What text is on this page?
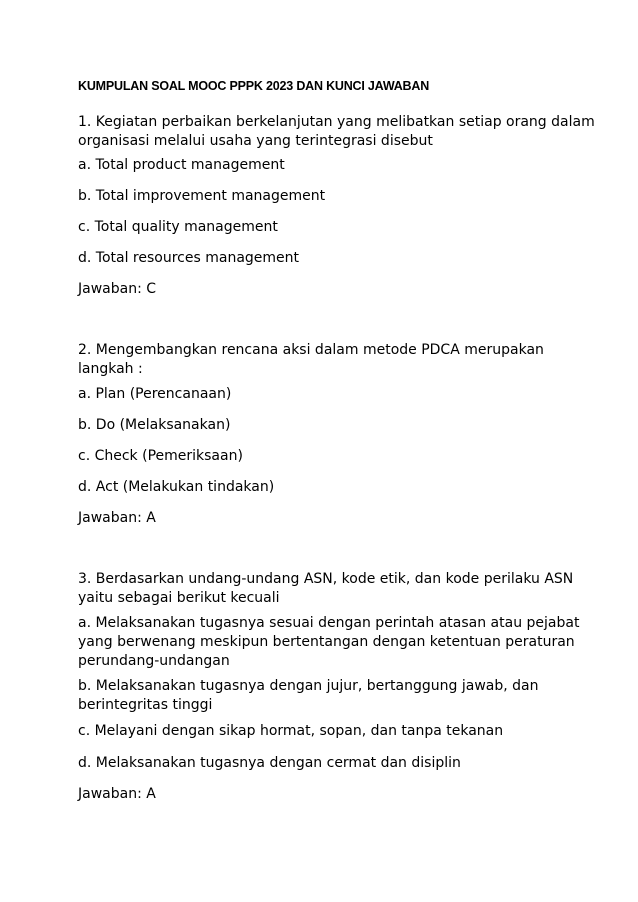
KUMPULAN SOAL MOOC PPPK 2023 DAN KUNCI JAWABAN
1. Kegiatan perbaikan berkelanjutan yang melibatkan setiap orang dalam
organisasi melalui usaha yang terintegrasi disebut
a. Total product management
b. Total improvement management
c. Total quality management
d. Total resources management
Jawaban: C
2. Mengembangkan rencana aksi dalam metode PDCA merupakan
langkah :
a. Plan (Perencanaan)
b. Do (Melaksanakan)
c. Check (Pemeriksaan)
d. Act (Melakukan tindakan)
Jawaban: A
3. Berdasarkan undang-undang ASN, kode etik, dan kode perilaku ASN
yaitu sebagai berikut kecuali
a. Melaksanakan tugasnya sesuai dengan perintah atasan atau pejabat
yang berwenang meskipun bertentangan dengan ketentuan peraturan
perundang-undangan
b. Melaksanakan tugasnya dengan jujur, bertanggung jawab, dan
berintegritas tinggi
c. Melayani dengan sikap hormat, sopan, dan tanpa tekanan
d. Melaksanakan tugasnya dengan cermat dan disiplin
Jawaban: A
